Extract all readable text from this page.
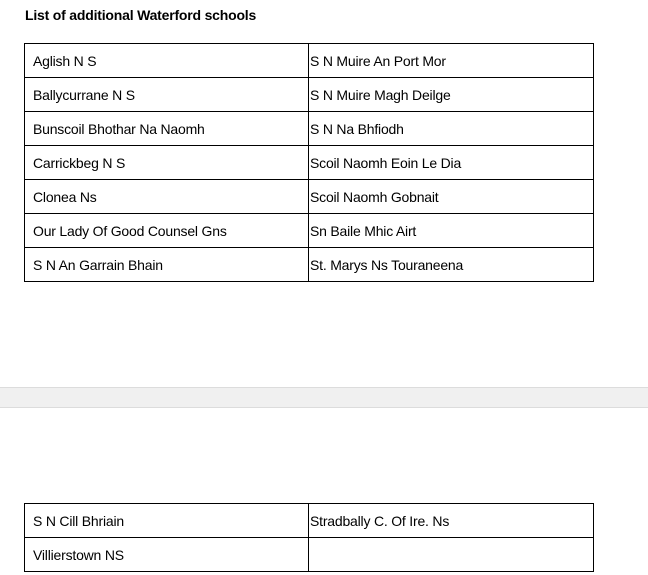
List of additional Waterford schools
Aglish N S	S N Muire An Port Mor
Ballycurrane N S	S N Muire Magh Deilge
Bunscoil Bhothar Na Naomh	S N Na Bhfiodh
Carrickbeg N S	Scoil Naomh Eoin Le Dia
Clonea Ns	Scoil Naomh Gobnait
Our Lady Of Good Counsel Gns	Sn Baile Mhic Airt
S N An Garrain Bhain	St. Marys Ns Touraneena
S N Cill Bhriain	Stradbally C. Of Ire. Ns
Villierstown NS	
